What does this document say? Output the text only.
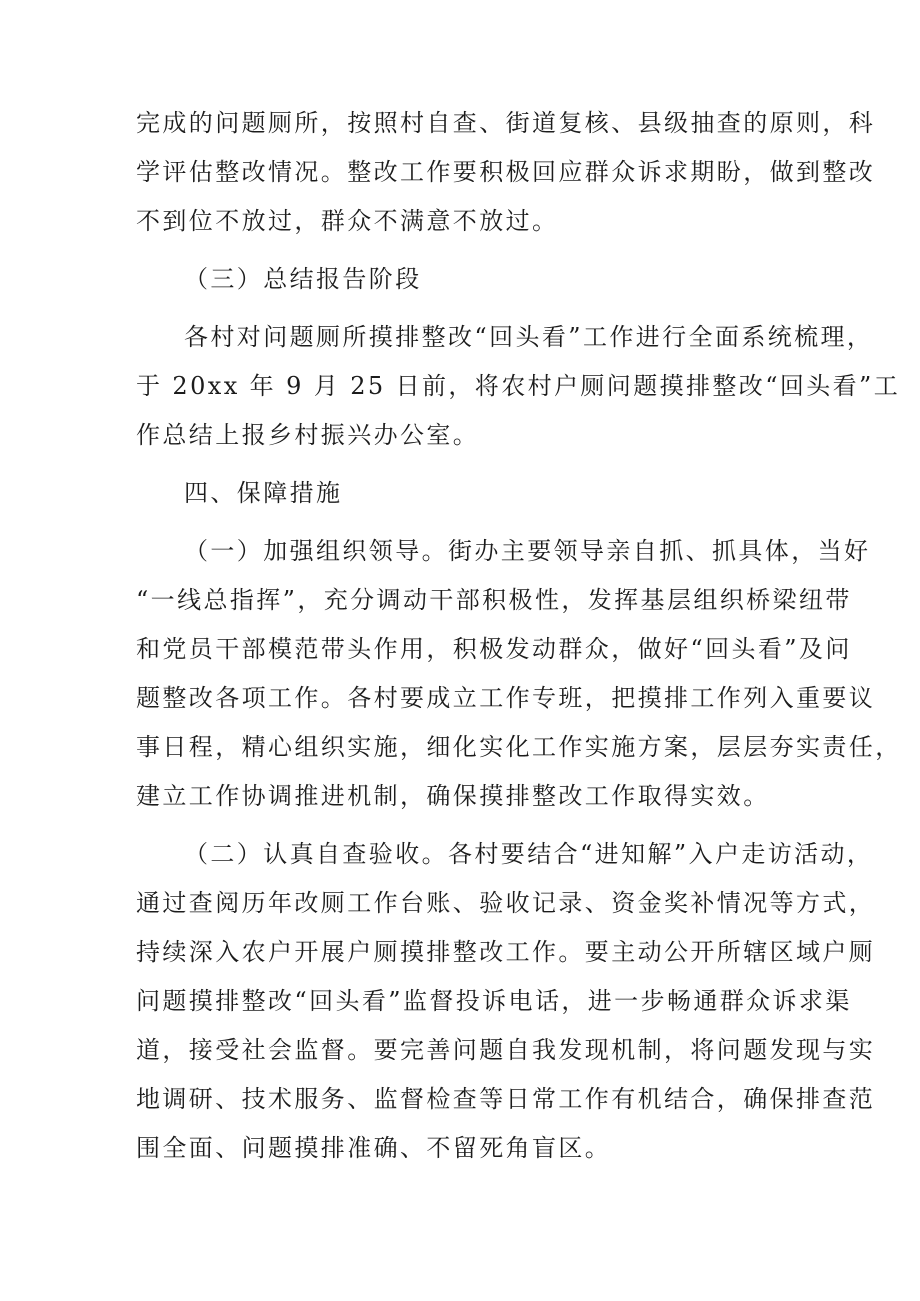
完成的问题厕所，按照村自查、街道复核、县级抽查的原则，科
学评估整改情况。整改工作要积极回应群众诉求期盼，做到整改
不到位不放过，群众不满意不放过。
（三）总结报告阶段
各村对问题厕所摸排整改“回头看”工作进行全面系统梳理，
于 20xx 年 9 月 25 日前，将农村户厕问题摸排整改“回头看”工
作总结上报乡村振兴办公室。
四、保障措施
（一）加强组织领导。街办主要领导亲自抓、抓具体，当好
“一线总指挥”，充分调动干部积极性，发挥基层组织桥梁纽带
和党员干部模范带头作用，积极发动群众，做好“回头看”及问
题整改各项工作。各村要成立工作专班，把摸排工作列入重要议
事日程，精心组织实施，细化实化工作实施方案，层层夯实责任，
建立工作协调推进机制，确保摸排整改工作取得实效。
（二）认真自查验收。各村要结合“进知解”入户走访活动，
通过查阅历年改厕工作台账、验收记录、资金奖补情况等方式，
持续深入农户开展户厕摸排整改工作。要主动公开所辖区域户厕
问题摸排整改“回头看”监督投诉电话，进一步畅通群众诉求渠
道，接受社会监督。要完善问题自我发现机制，将问题发现与实
地调研、技术服务、监督检查等日常工作有机结合，确保排查范
围全面、问题摸排准确、不留死角盲区。
